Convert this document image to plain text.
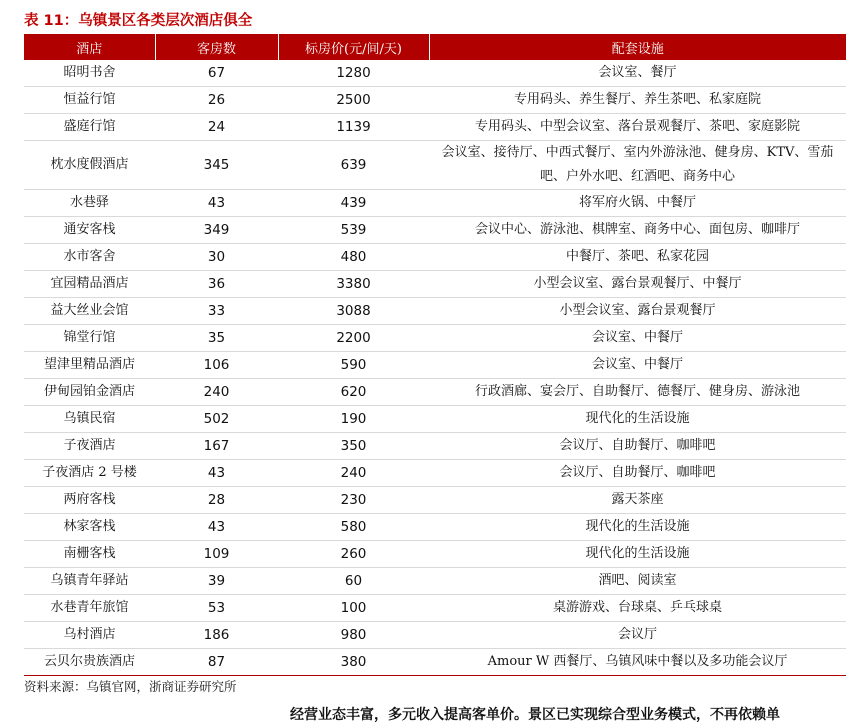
表 11：乌镇景区各类层次酒店俱全
酒店	客房数	标房价(元/间/天)	配套设施
昭明书舍	67	1280	会议室、餐厅
恒益行馆	26	2500	专用码头、养生餐厅、养生茶吧、私家庭院
盛庭行馆	24	1139	专用码头、中型会议室、落台景观餐厅、茶吧、家庭影院
枕水度假酒店	345	639	会议室、接待厅、中西式餐厅、室内外游泳池、健身房、KTV、雪茄吧、户外水吧、红酒吧、商务中心
水巷驿	43	439	将军府火锅、中餐厅
通安客栈	349	539	会议中心、游泳池、棋牌室、商务中心、面包房、咖啡厅
水市客舍	30	480	中餐厅、茶吧、私家花园
宜园精品酒店	36	3380	小型会议室、露台景观餐厅、中餐厅
益大丝业会馆	33	3088	小型会议室、露台景观餐厅
锦堂行馆	35	2200	会议室、中餐厅
望津里精品酒店	106	590	会议室、中餐厅
伊甸园铂金酒店	240	620	行政酒廊、宴会厅、自助餐厅、德餐厅、健身房、游泳池
乌镇民宿	502	190	现代化的生活设施
子夜酒店	167	350	会议厅、自助餐厅、咖啡吧
子夜酒店 2 号楼	43	240	会议厅、自助餐厅、咖啡吧
两府客栈	28	230	露天茶座
林家客栈	43	580	现代化的生活设施
南栅客栈	109	260	现代化的生活设施
乌镇青年驿站	39	60	酒吧、阅读室
水巷青年旅馆	53	100	桌游游戏、台球桌、乒乓球桌
乌村酒店	186	980	会议厅
云贝尔贵族酒店	87	380	Amour W 西餐厅、乌镇风味中餐以及多功能会议厅
资料来源：乌镇官网，浙商证券研究所
经营业态丰富，多元收入提高客单价。景区已实现综合型业务模式，不再依赖单
